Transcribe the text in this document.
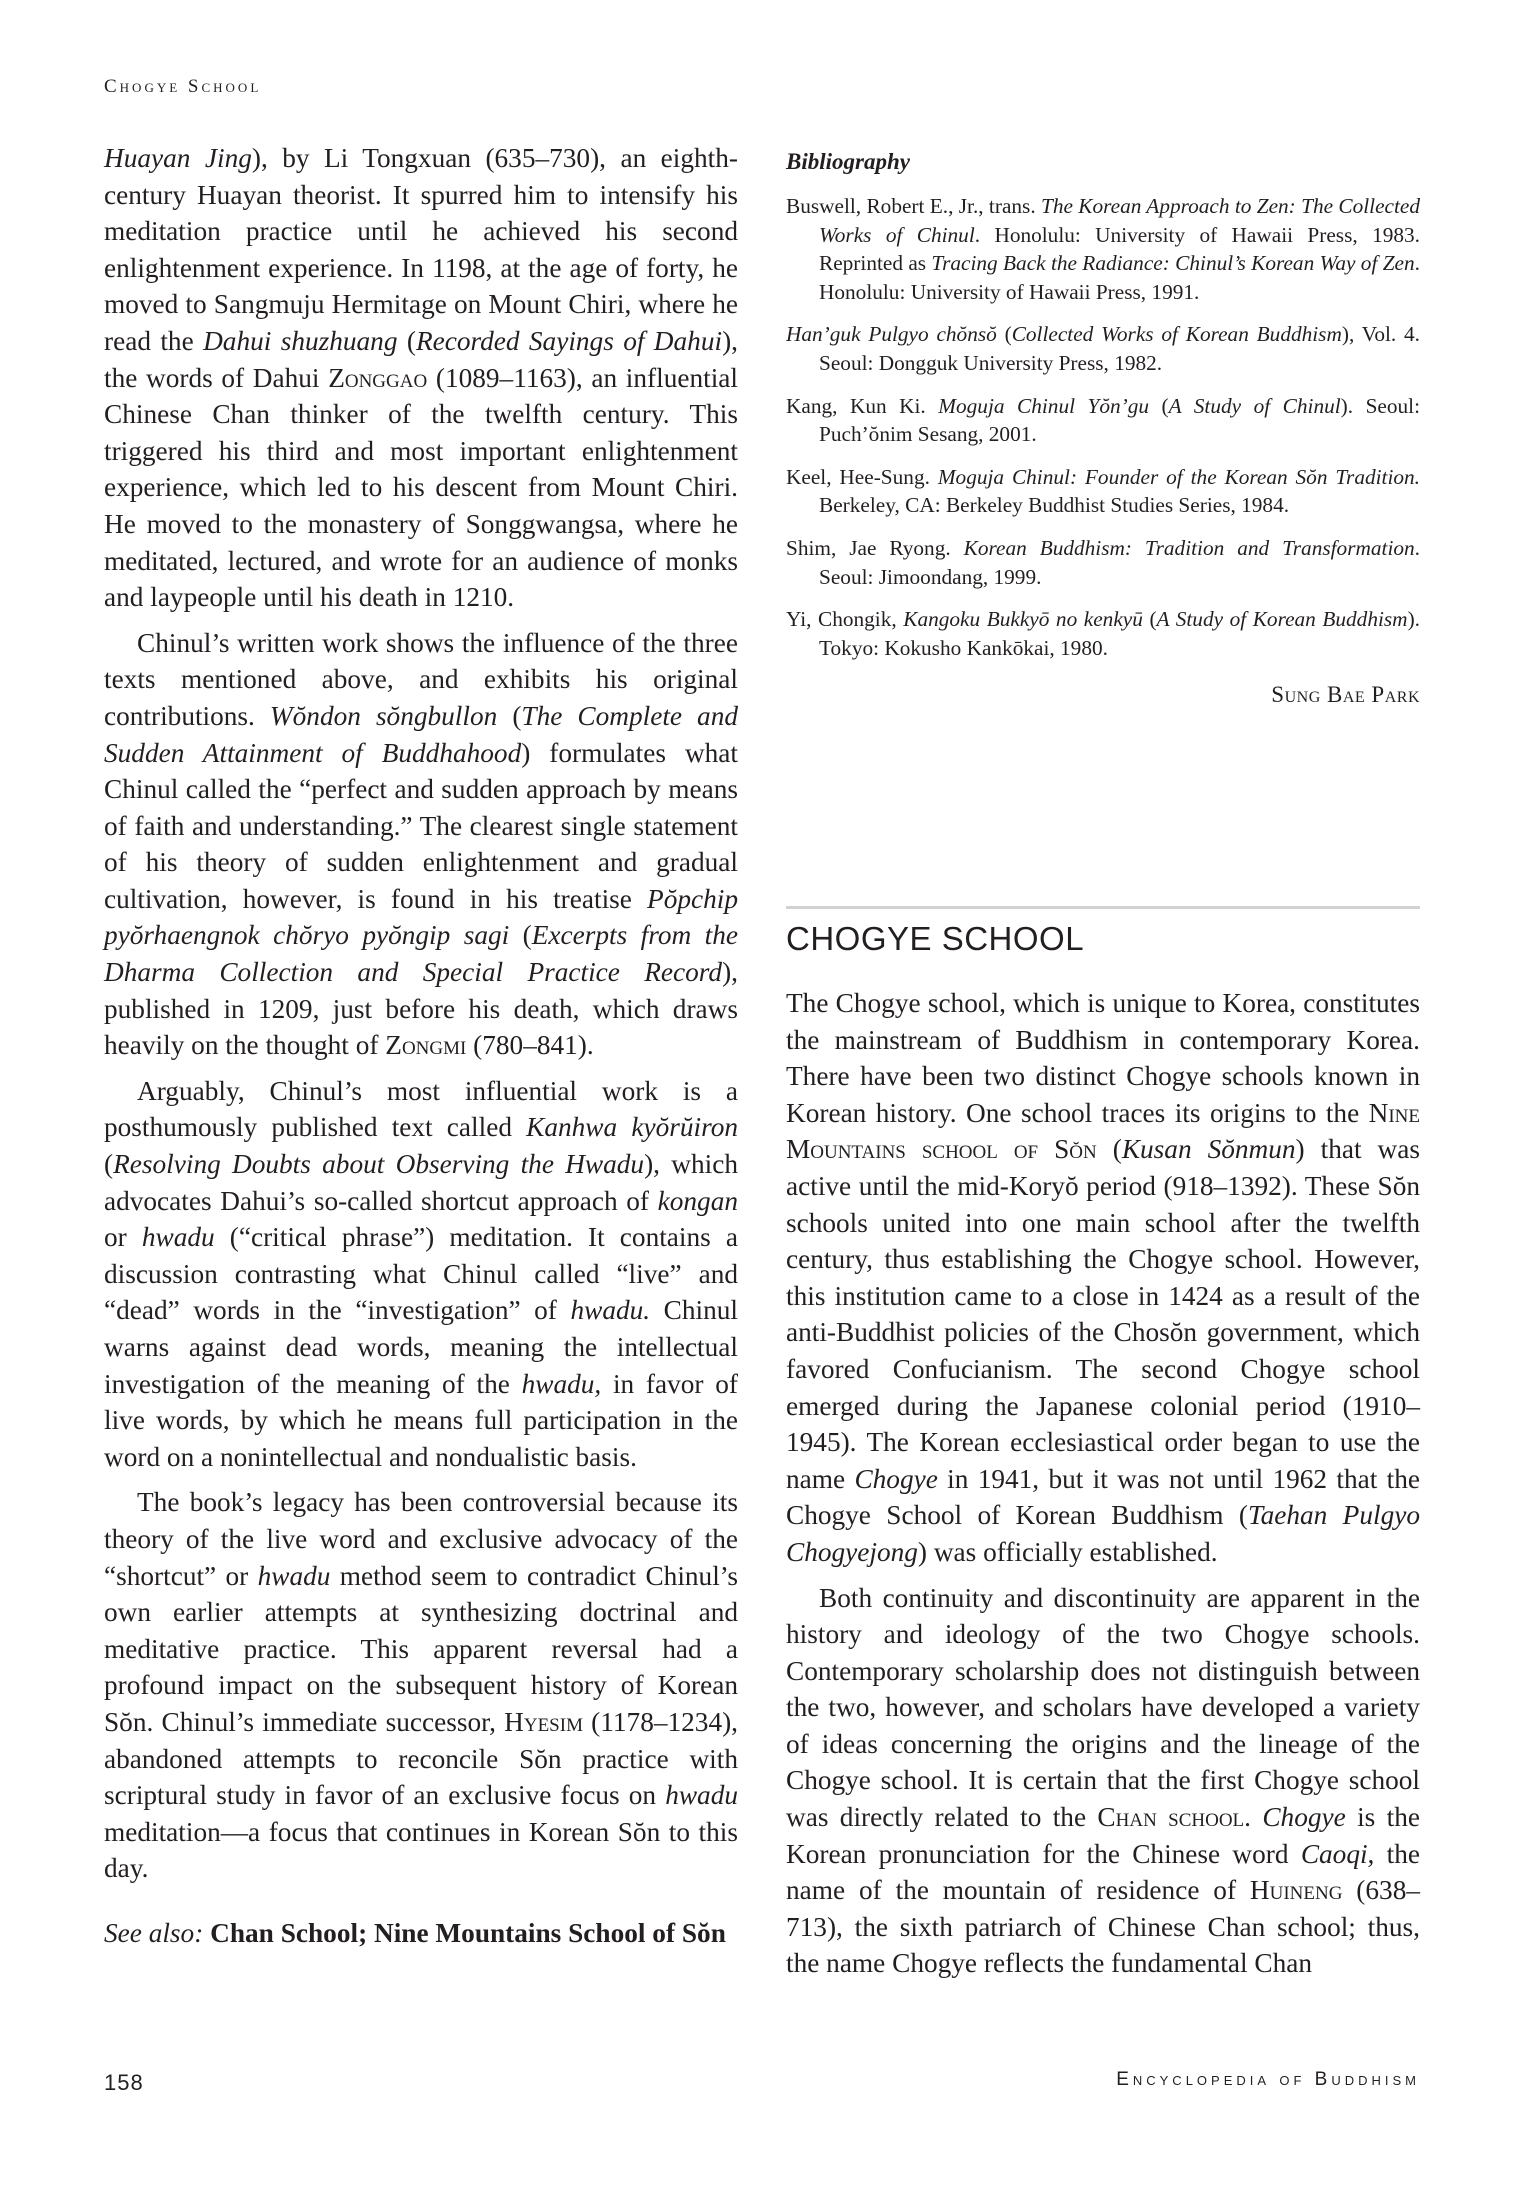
Chogye School

Huayan Jing), by Li Tongxuan (635–730), an eighth-century Huayan theorist. It spurred him to intensify his meditation practice until he achieved his second enlightenment experience. In 1198, at the age of forty, he moved to Sangmuju Hermitage on Mount Chiri, where he read the Dahui shuzhuang (Recorded Sayings of Dahui), the words of Dahui Zonggao (1089–1163), an influential Chinese Chan thinker of the twelfth century. This triggered his third and most important enlightenment experience, which led to his descent from Mount Chiri. He moved to the monastery of Songgwangsa, where he meditated, lectured, and wrote for an audience of monks and laypeople until his death in 1210.

Chinul’s written work shows the influence of the three texts mentioned above, and exhibits his original contributions. Wŏndon sŏngbullon (The Complete and Sudden Attainment of Buddhahood) formulates what Chinul called the “perfect and sudden approach by means of faith and understanding.” The clearest single statement of his theory of sudden enlightenment and gradual cultivation, however, is found in his treatise Pŏpchip pyŏrhaengnok chŏryo pyŏngip sagi (Excerpts from the Dharma Collection and Special Practice Record), published in 1209, just before his death, which draws heavily on the thought of Zongmi (780–841).

Arguably, Chinul’s most influential work is a posthumously published text called Kanhwa kyŏrŭiron (Resolving Doubts about Observing the Hwadu), which advocates Dahui’s so-called shortcut approach of kongan or hwadu (“critical phrase”) meditation. It contains a discussion contrasting what Chinul called “live” and “dead” words in the “investigation” of hwadu. Chinul warns against dead words, meaning the intellectual investigation of the meaning of the hwadu, in favor of live words, by which he means full participation in the word on a nonintellectual and nondualistic basis.

The book’s legacy has been controversial because its theory of the live word and exclusive advocacy of the “shortcut” or hwadu method seem to contradict Chinul’s own earlier attempts at synthesizing doctrinal and meditative practice. This apparent reversal had a profound impact on the subsequent history of Korean Sŏn. Chinul’s immediate successor, Hyesim (1178–1234), abandoned attempts to reconcile Sŏn practice with scriptural study in favor of an exclusive focus on hwadu meditation—a focus that continues in Korean Sŏn to this day.

See also: Chan School; Nine Mountains School of Sŏn

Bibliography
Buswell, Robert E., Jr., trans. The Korean Approach to Zen: The Collected Works of Chinul. Honolulu: University of Hawaii Press, 1983. Reprinted as Tracing Back the Radiance: Chinul’s Korean Way of Zen. Honolulu: University of Hawaii Press, 1991.
Han’guk Pulgyo chŏnsŏ (Collected Works of Korean Buddhism), Vol. 4. Seoul: Dongguk University Press, 1982.
Kang, Kun Ki. Moguja Chinul Yŏn’gu (A Study of Chinul). Seoul: Puch’ŏnim Sesang, 2001.
Keel, Hee-Sung. Moguja Chinul: Founder of the Korean Sŏn Tradition. Berkeley, CA: Berkeley Buddhist Studies Series, 1984.
Shim, Jae Ryong. Korean Buddhism: Tradition and Transformation. Seoul: Jimoondang, 1999.
Yi, Chongik, Kangoku Bukkyō no kenkyū (A Study of Korean Buddhism). Tokyo: Kokusho Kankōkai, 1980.
Sung Bae Park
CHOGYE SCHOOL

The Chogye school, which is unique to Korea, constitutes the mainstream of Buddhism in contemporary Korea. There have been two distinct Chogye schools known in Korean history. One school traces its origins to the Nine Mountains school of Sŏn (Kusan Sŏnmun) that was active until the mid-Koryŏ period (918–1392). These Sŏn schools united into one main school after the twelfth century, thus establishing the Chogye school. However, this institution came to a close in 1424 as a result of the anti-Buddhist policies of the Chosŏn government, which favored Confucianism. The second Chogye school emerged during the Japanese colonial period (1910–1945). The Korean ecclesiastical order began to use the name Chogye in 1941, but it was not until 1962 that the Chogye School of Korean Buddhism (Taehan Pulgyo Chogyejong) was officially established.

Both continuity and discontinuity are apparent in the history and ideology of the two Chogye schools. Contemporary scholarship does not distinguish between the two, however, and scholars have developed a variety of ideas concerning the origins and the lineage of the Chogye school. It is certain that the first Chogye school was directly related to the Chan school. Chogye is the Korean pronunciation for the Chinese word Caoqi, the name of the mountain of residence of Huineng (638–713), the sixth patriarch of Chinese Chan school; thus, the name Chogye reflects the fundamental Chan

158	Encyclopedia of Buddhism
